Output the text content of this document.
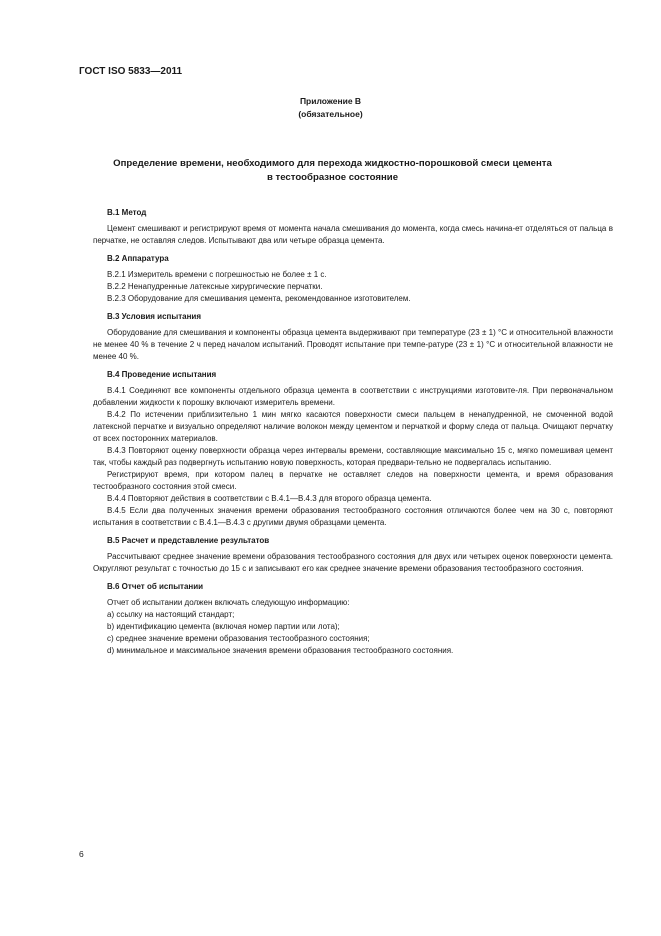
ГОСТ ISO 5833—2011
Приложение В
(обязательное)
Определение времени, необходимого для перехода жидкостно-порошковой смеси цемента
в тестообразное состояние

В.1 Метод

Цемент смешивают и регистрируют время от момента начала смешивания до момента, когда смесь начина-ет отделяться от пальца в перчатке, не оставляя следов. Испытывают два или четыре образца цемента.

В.2 Аппаратура

В.2.1 Измеритель времени с погрешностью не более ± 1 с.

В.2.2 Ненапудренные латексные хирургические перчатки.

В.2.3 Оборудование для смешивания цемента, рекомендованное изготовителем.

В.3 Условия испытания

Оборудование для смешивания и компоненты образца цемента выдерживают при температуре (23 ± 1) °С и относительной влажности не менее 40 % в течение 2 ч перед началом испытаний. Проводят испытание при темпе-ратуре (23 ± 1) °С и относительной влажности не менее 40 %.

В.4 Проведение испытания

В.4.1 Соединяют все компоненты отдельного образца цемента в соответствии с инструкциями изготовите-ля. При первоначальном добавлении жидкости к порошку включают измеритель времени.

В.4.2 По истечении приблизительно 1 мин мягко касаются поверхности смеси пальцем в ненапудренной, не смоченной водой латексной перчатке и визуально определяют наличие волокон между цементом и перчаткой и форму следа от пальца. Очищают перчатку от всех посторонних материалов.

В.4.3 Повторяют оценку поверхности образца через интервалы времени, составляющие максимально 15 с, мягко помешивая цемент так, чтобы каждый раз подвергнуть испытанию новую поверхность, которая предвари-тельно не подвергалась испытанию.

Регистрируют время, при котором палец в перчатке не оставляет следов на поверхности цемента, и время образования тестообразного состояния этой смеси.

В.4.4 Повторяют действия в соответствии с В.4.1—В.4.3 для второго образца цемента.

В.4.5 Если два полученных значения времени образования тестообразного состояния отличаются более чем на 30 с, повторяют испытания в соответствии с В.4.1—В.4.3 с другими двумя образцами цемента.

В.5 Расчет и представление результатов

Рассчитывают среднее значение времени образования тестообразного состояния для двух или четырех оценок поверхности цемента. Округляют результат с точностью до 15 с и записывают его как среднее значение времени образования тестообразного состояния.

В.6 Отчет об испытании

Отчет об испытании должен включать следующую информацию:

a) ссылку на настоящий стандарт;

b) идентификацию цемента (включая номер партии или лота);

c) среднее значение времени образования тестообразного состояния;

d) минимальное и максимальное значения времени образования тестообразного состояния.

6
